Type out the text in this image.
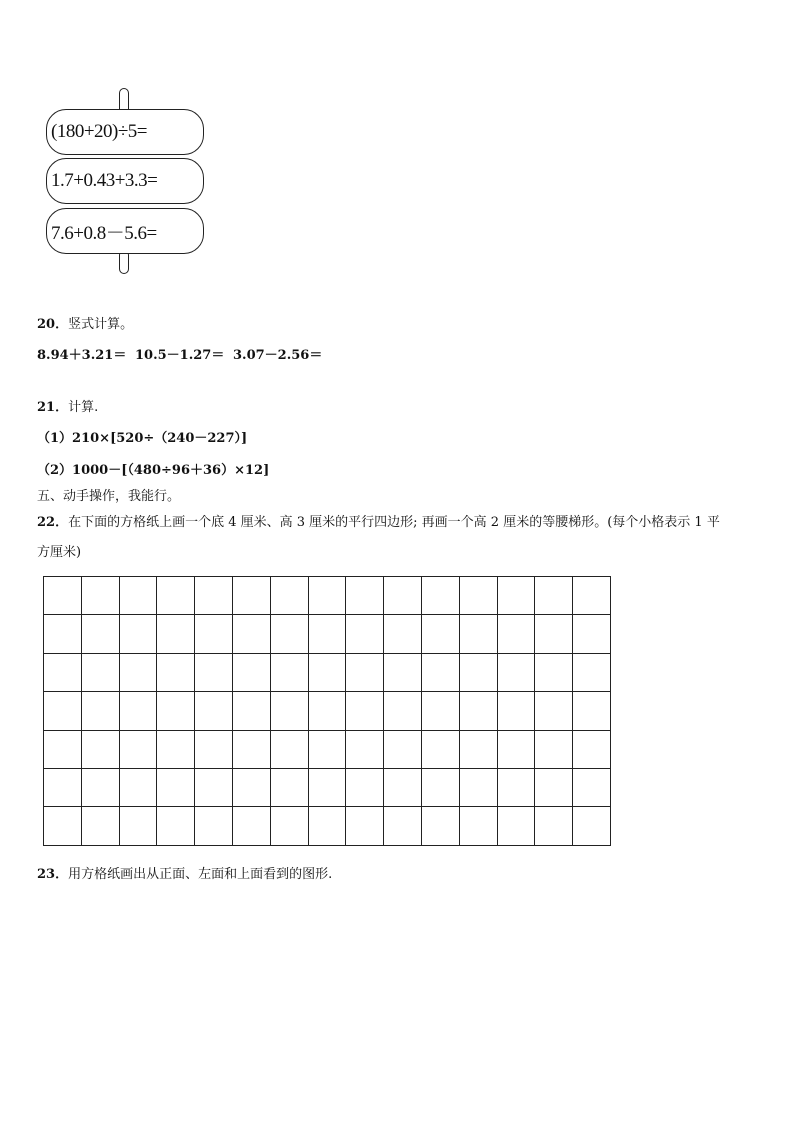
(180+20)÷5=
1.7+0.43+3.3=
7.6+0.8－5.6=
20．竖式计算。
8.94＋3.21＝ 10.5－1.27＝ 3.07－2.56＝
21．计算.
（1）210×[520÷（240－227）]
（2）1000－[（480÷96＋36）×12]
五、动手操作，我能行。
22．在下面的方格纸上画一个底 4 厘米、高 3 厘米的平行四边形; 再画一个高 2 厘米的等腰梯形。(每个小格表示 1 平
方厘米)
23．用方格纸画出从正面、左面和上面看到的图形.
